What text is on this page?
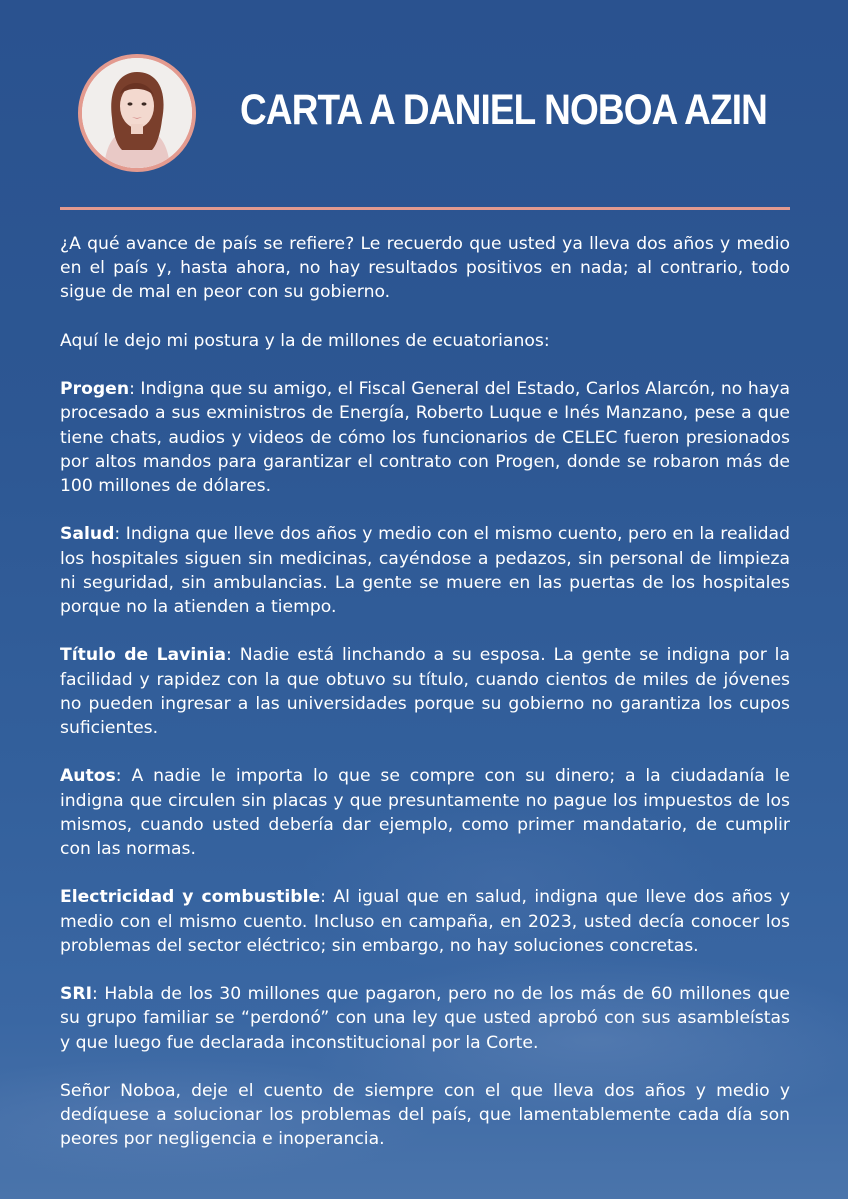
CARTA A DANIEL NOBOA AZIN

¿A qué avance de país se refiere? Le recuerdo que usted ya lleva dos años y medio en el país y, hasta ahora, no hay resultados positivos en nada; al contrario, todo sigue de mal en peor con su gobierno.

Aquí le dejo mi postura y la de millones de ecuatorianos:

Progen: Indigna que su amigo, el Fiscal General del Estado, Carlos Alarcón, no haya procesado a sus exministros de Energía, Roberto Luque e Inés Manzano, pese a que tiene chats, audios y videos de cómo los funcionarios de CELEC fueron presionados por altos mandos para garantizar el contrato con Progen, donde se robaron más de 100 millones de dólares.

Salud: Indigna que lleve dos años y medio con el mismo cuento, pero en la realidad los hospitales siguen sin medicinas, cayéndose a pedazos, sin personal de limpieza ni seguridad, sin ambulancias. La gente se muere en las puertas de los hospitales porque no la atienden a tiempo.

Título de Lavinia: Nadie está linchando a su esposa. La gente se indigna por la facilidad y rapidez con la que obtuvo su título, cuando cientos de miles de jóvenes no pueden ingresar a las universidades porque su gobierno no garantiza los cupos suficientes.

Autos: A nadie le importa lo que se compre con su dinero; a la ciudadanía le indigna que circulen sin placas y que presuntamente no pague los impuestos de los mismos, cuando usted debería dar ejemplo, como primer mandatario, de cumplir con las normas.

Electricidad y combustible: Al igual que en salud, indigna que lleve dos años y medio con el mismo cuento. Incluso en campaña, en 2023, usted decía conocer los problemas del sector eléctrico; sin embargo, no hay soluciones concretas.

SRI: Habla de los 30 millones que pagaron, pero no de los más de 60 millones que su grupo familiar se “perdonó” con una ley que usted aprobó con sus asambleístas y que luego fue declarada inconstitucional por la Corte.

Señor Noboa, deje el cuento de siempre con el que lleva dos años y medio y dedíquese a solucionar los problemas del país, que lamentablemente cada día son peores por negligencia e inoperancia.
